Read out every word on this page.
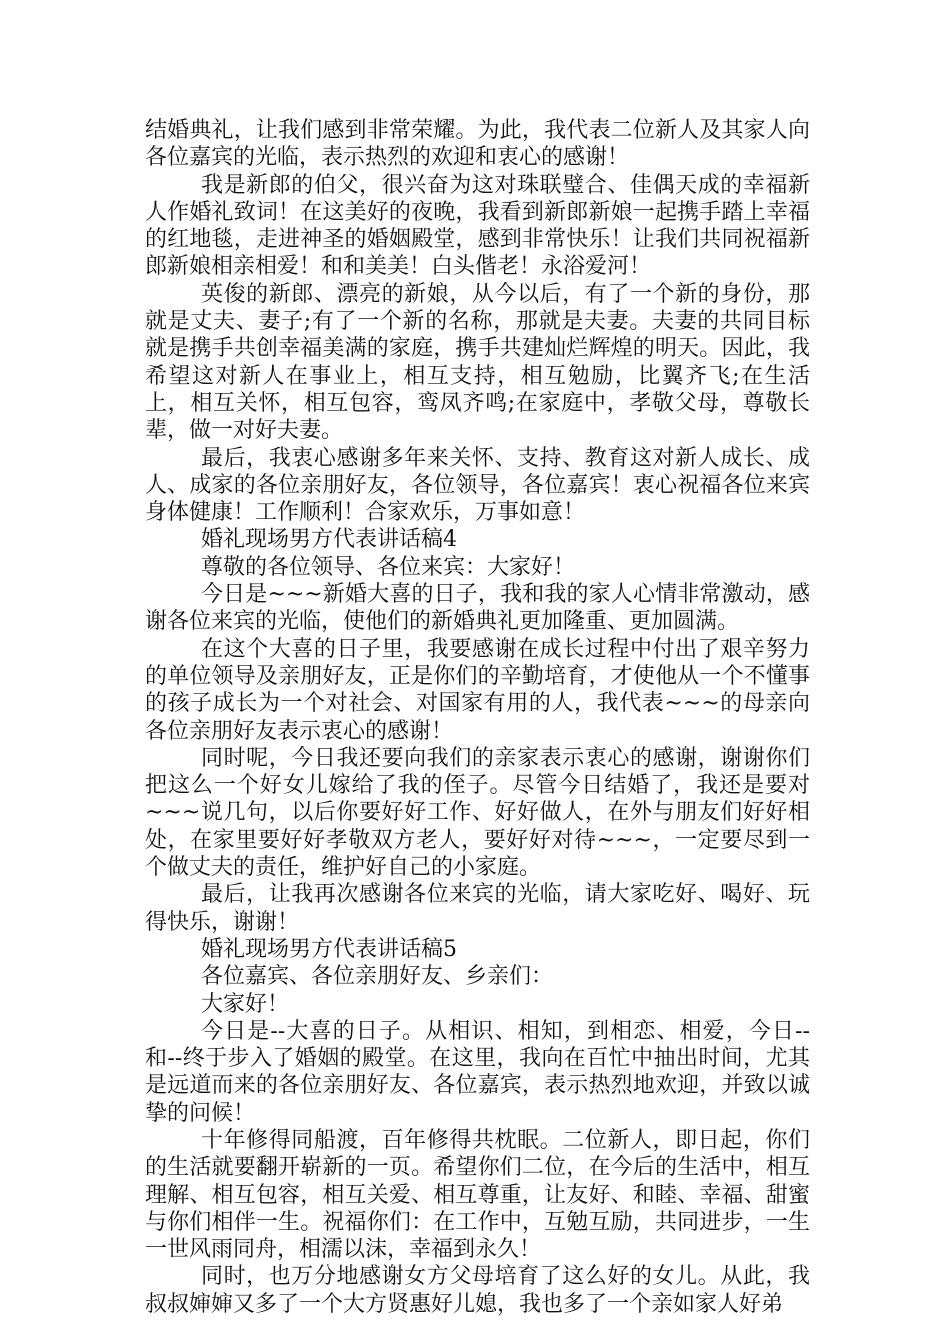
结婚典礼，让我们感到非常荣耀。为此，我代表二位新人及其家人向各位嘉宾的光临，表示热烈的欢迎和衷心的感谢！

我是新郎的伯父，很兴奋为这对珠联璧合、佳偶天成的幸福新人作婚礼致词！在这美好的夜晚，我看到新郎新娘一起携手踏上幸福的红地毯，走进神圣的婚姻殿堂，感到非常快乐！让我们共同祝福新郎新娘相亲相爱！和和美美！白头偕老！永浴爱河！

英俊的新郎、漂亮的新娘，从今以后，有了一个新的身份，那就是丈夫、妻子;有了一个新的名称，那就是夫妻。夫妻的共同目标就是携手共创幸福美满的家庭，携手共建灿烂辉煌的明天。因此，我希望这对新人在事业上，相互支持，相互勉励，比翼齐飞;在生活上，相互关怀，相互包容，鸾凤齐鸣;在家庭中，孝敬父母，尊敬长辈，做一对好夫妻。

最后，我衷心感谢多年来关怀、支持、教育这对新人成长、成人、成家的各位亲朋好友，各位领导，各位嘉宾！衷心祝福各位来宾身体健康！工作顺利！合家欢乐，万事如意！

婚礼现场男方代表讲话稿4

尊敬的各位领导、各位来宾：大家好！

今日是~~~新婚大喜的日子，我和我的家人心情非常激动，感谢各位来宾的光临，使他们的新婚典礼更加隆重、更加圆满。

在这个大喜的日子里，我要感谢在成长过程中付出了艰辛努力的单位领导及亲朋好友，正是你们的辛勤培育，才使他从一个不懂事的孩子成长为一个对社会、对国家有用的人，我代表~~~的母亲向各位亲朋好友表示衷心的感谢！

同时呢，今日我还要向我们的亲家表示衷心的感谢，谢谢你们把这么一个好女儿嫁给了我的侄子。尽管今日结婚了，我还是要对~~~说几句，以后你要好好工作、好好做人，在外与朋友们好好相处，在家里要好好孝敬双方老人，要好好对待~~~，一定要尽到一个做丈夫的责任，维护好自己的小家庭。

最后，让我再次感谢各位来宾的光临，请大家吃好、喝好、玩得快乐，谢谢！

婚礼现场男方代表讲话稿5

各位嘉宾、各位亲朋好友、乡亲们：

大家好！

今日是--大喜的日子。从相识、相知，到相恋、相爱，今日--和--终于步入了婚姻的殿堂。在这里，我向在百忙中抽出时间，尤其是远道而来的各位亲朋好友、各位嘉宾，表示热烈地欢迎，并致以诚挚的问候！

十年修得同船渡，百年修得共枕眠。二位新人，即日起，你们的生活就要翻开崭新的一页。希望你们二位，在今后的生活中，相互理解、相互包容，相互关爱、相互尊重，让友好、和睦、幸福、甜蜜与你们相伴一生。祝福你们：在工作中，互勉互励，共同进步，一生一世风雨同舟，相濡以沫，幸福到永久！

同时，也万分地感谢女方父母培育了这么好的女儿。从此，我叔叔婶婶又多了一个大方贤惠好儿媳，我也多了一个亲如家人好弟
